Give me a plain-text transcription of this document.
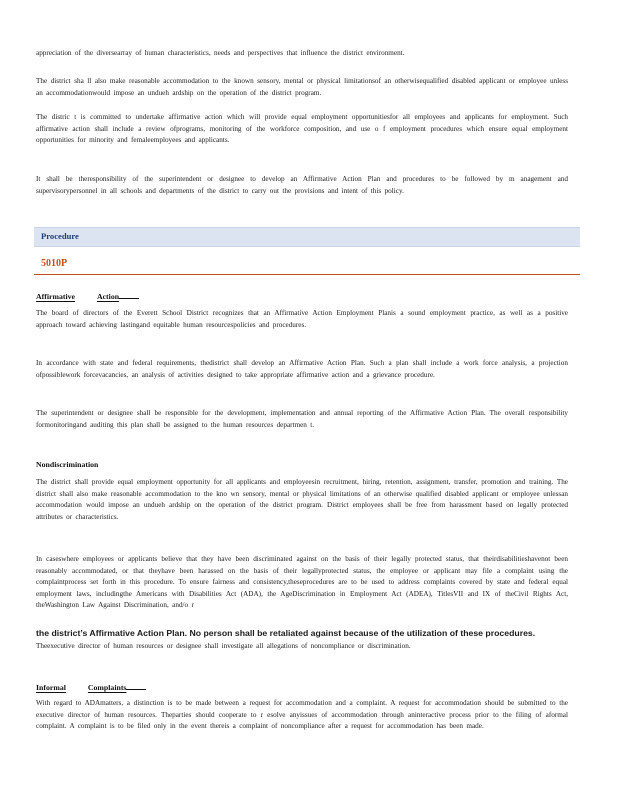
appreciation of the diversearray of human characteristics, needs and perspectives that influence the district environment.

The district sha ll also make reasonable accommodation to the known sensory, mental or physical limitationsof an otherwisequalified disabled applicant or employee unless an accommodationwould impose an undueh ardship on the operation of the district program.

The distric t is committed to undertake affirmative action which will provide equal employment opportunitiesfor all employees and applicants for employment. Such affirmative action shall include a review ofprograms, monitoring of the workforce composition, and use o f employment procedures which ensure equal employment opportunities for minority and femaleemployees and applicants.

It shall be theresponsibility of the superintendent or designee to develop an Affirmative Action Plan and procedures to be followed by m anagement and supervisorypersonnel in all schools and departments of the district to carry out the provisions and intent of this policy.

Procedure
5010P
Affirmative	Action

The board of directors of the Everett School District recognizes that an Affirmative Action Employment Planis a sound employment practice, as well as a positive approach toward achieving lastingand equitable human resourcespolicies and procedures.

In accordance with state and federal requirements, thedistrict shall develop an Affirmative Action Plan. Such a plan shall include a work force analysis, a projection ofpossiblework forcevacancies, an analysis of activities designed to take appropriate affirmative action and a grievance procedure.

The superintendent or designee shall be responsible for the development, implementation and annual reporting of the Affirmative Action Plan. The overall responsibility formonitoringand auditing this plan shall be assigned to the human resources departmen t.

Nondiscrimination

The district shall provide equal employment opportunity for all applicants and employeesin recruitment, hiring, retention, assignment, transfer, promotion and training. The district shall also make reasonable accommodation to the kno wn sensory, mental or physical limitations of an otherwise qualified disabled applicant or employee unlessan accommodation would impose an undueh ardship on the operation of the district program. District employees shall be free from harassment based on legally protected attributes or characteristics.

In caseswhere employees or applicants believe that they have been discriminated against on the basis of their legally protected status, that theirdisabilitieshavenot been reasonably accommodated, or that theyhave been harassed on the basis of their legallyprotected status, the employee or applicant may file a complaint using the complaintprocess set forth in this procedure. To ensure fairness and consistency,theseprocedures are to be used to address complaints covered by state and federal equal employment laws, includingthe Americans with Disabilities Act (ADA), the AgeDiscrimination in Employment Act (ADEA), TitlesVII and IX of theCivil Rights Act, theWashington Law Against Discrimination, and/o r

the district’s Affirmative Action Plan. No person shall be retaliated against because of the utilization of these procedures.

Theexecutive director of human resources or designee shall investigate all allegations of noncompliance or discrimination.

Informal	Complaints

With regard to ADAmatters, a distinction is to be made between a request for accommodation and a complaint. A request for accommodation should be submitted to the executive director of human resources. Theparties should cooperate to r esolve anyissues of accommodation through aninteractive process prior to the filing of aformal complaint. A complaint is to be filed only in the event thereis a complaint of noncompliance after a request for accommodation has been made.
